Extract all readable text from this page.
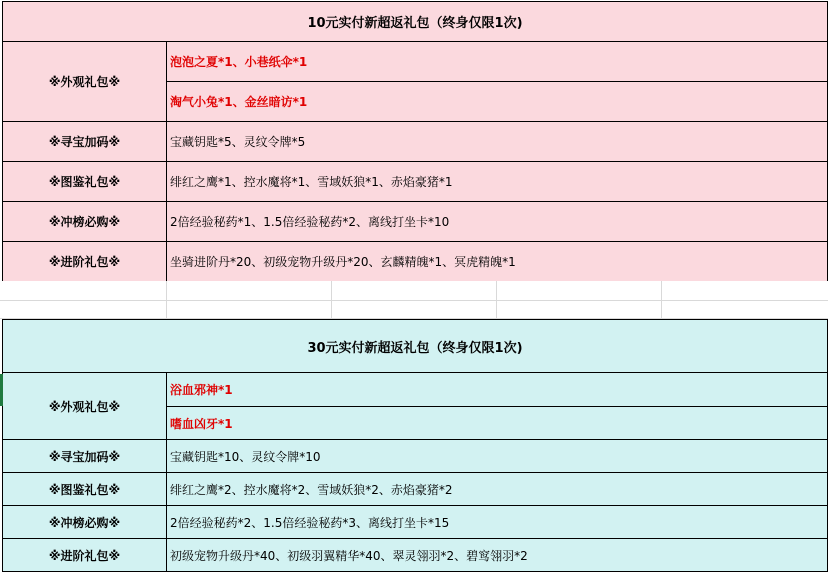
10元实付新超返礼包（终身仅限1次)	
※外观礼包※	泡泡之夏*1、小巷纸伞*1
	淘气小兔*1、金丝暗访*1
※寻宝加码※	宝藏钥匙*5、灵纹令牌*5
※图鉴礼包※	绯红之鹰*1、控水魔将*1、雪域妖狼*1、赤焰豪猪*1
※冲榜必购※	2倍经验秘药*1、1.5倍经验秘药*2、离线打坐卡*10
※进阶礼包※	坐骑进阶丹*20、初级宠物升级丹*20、玄麟精魄*1、冥虎精魄*1
30元实付新超返礼包（终身仅限1次)	
※外观礼包※	浴血邪神*1
	嗜血凶牙*1
※寻宝加码※	宝藏钥匙*10、灵纹令牌*10
※图鉴礼包※	绯红之鹰*2、控水魔将*2、雪域妖狼*2、赤焰豪猪*2
※冲榜必购※	2倍经验秘药*2、1.5倍经验秘药*3、离线打坐卡*15
※进阶礼包※	初级宠物升级丹*40、初级羽翼精华*40、翠灵翎羽*2、碧窎翎羽*2
